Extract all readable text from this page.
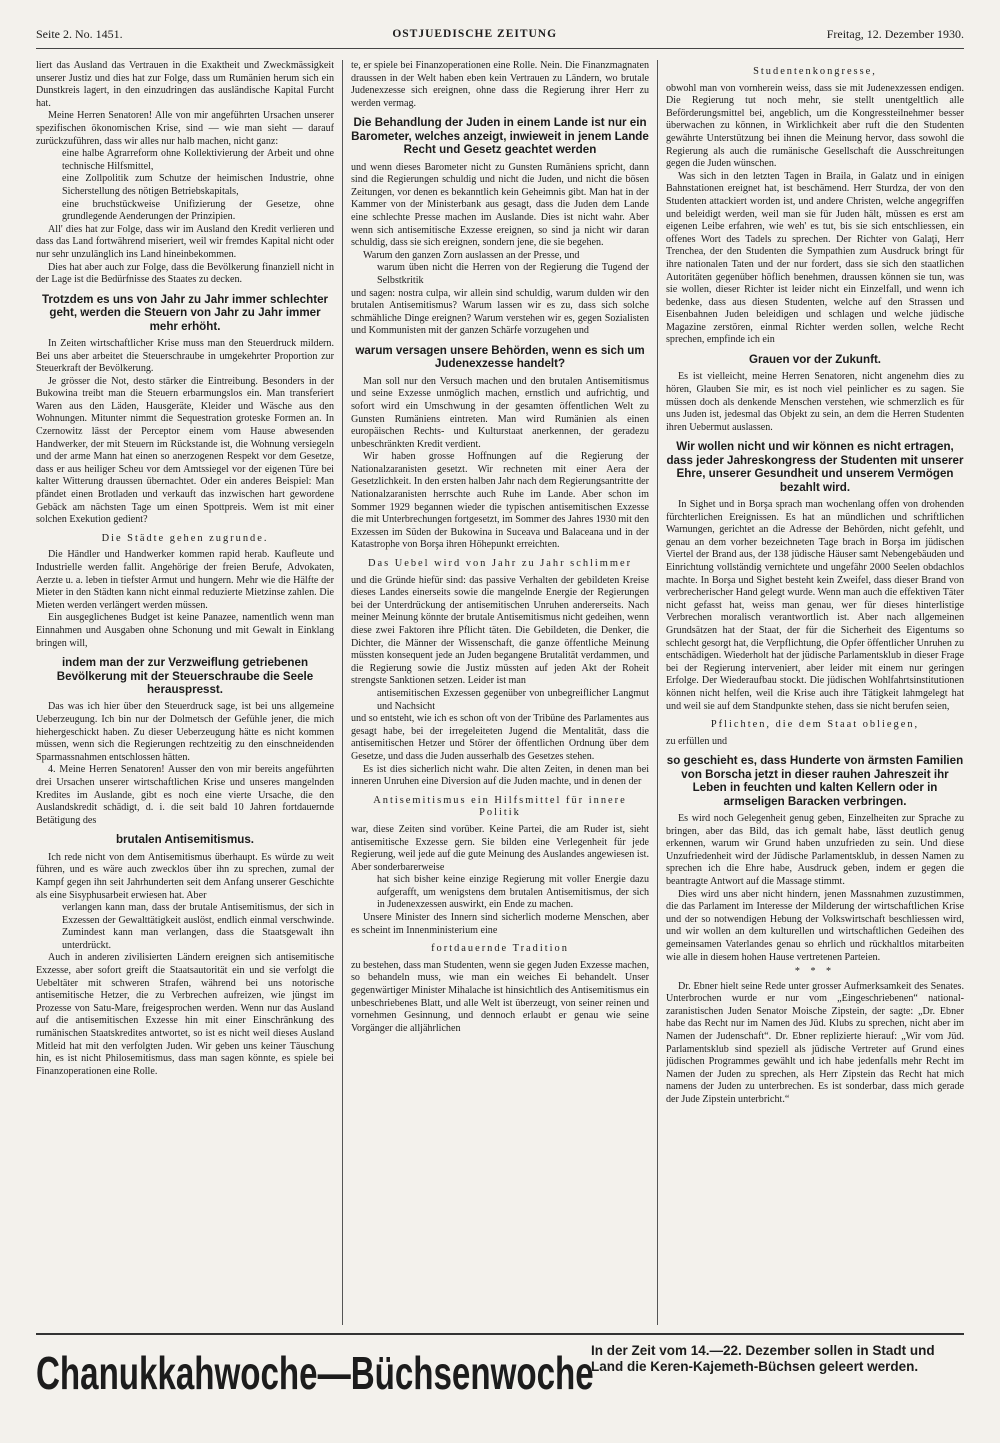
Seite 2. No. 1451.	OSTJUEDISCHE ZEITUNG	Freitag, 12. Dezember 1930.

liert das Ausland das Vertrauen in die Exaktheit und Zweckmässigkeit unserer Justiz und dies hat zur Folge, dass um Rumänien herum sich ein Dunstkreis lagert, in den einzudringen das ausländische Kapital Furcht hat.

Meine Herren Senatoren! Alle von mir angeführten Ursachen unserer spezifischen ökonomischen Krise, sind — wie man sieht — darauf zurückzuführen, dass wir alles nur halb machen, nicht ganz:

eine halbe Agrarreform ohne Kollektivierung der Arbeit und ohne technische Hilfsmittel,

eine Zollpolitik zum Schutze der heimischen Industrie, ohne Sicherstellung des nötigen Betriebskapitals,

eine bruchstückweise Unifizierung der Gesetze, ohne grundlegende Aenderungen der Prinzipien.

All' dies hat zur Folge, dass wir im Ausland den Kredit verlieren und dass das Land fortwährend miseriert, weil wir fremdes Kapital nicht oder nur sehr unzulänglich ins Land hineinbekommen.

Dies hat aber auch zur Folge, dass die Bevölkerung finanziell nicht in der Lage ist die Bedürfnisse des Staates zu decken.

Trotzdem es uns von Jahr zu Jahr immer schlechter geht, werden die Steuern von Jahr zu Jahr immer mehr erhöht.

In Zeiten wirtschaftlicher Krise muss man den Steuerdruck mildern. Bei uns aber arbeitet die Steuerschraube in umgekehrter Proportion zur Steuerkraft der Bevölkerung.

Je grösser die Not, desto stärker die Eintreibung. Besonders in der Bukowina treibt man die Steuern erbarmungslos ein. Man transferiert Waren aus den Läden, Hausgeräte, Kleider und Wäsche aus den Wohnungen. Mitunter nimmt die Sequestration groteske Formen an. In Czernowitz lässt der Perceptor einem vom Hause abwesenden Handwerker, der mit Steuern im Rückstande ist, die Wohnung versiegeln und der arme Mann hat einen so anerzogenen Respekt vor dem Gesetze, dass er aus heiliger Scheu vor dem Amtssiegel vor der eigenen Türe bei kalter Witterung draussen übernachtet. Oder ein anderes Beispiel: Man pfändet einen Brotladen und verkauft das inzwischen hart gewordene Gebäck am nächsten Tage um einen Spottpreis. Wem ist mit einer solchen Exekution gedient?

Die Städte gehen zugrunde.

Die Händler und Handwerker kommen rapid herab. Kaufleute und Industrielle werden fallit. Angehörige der freien Berufe, Advokaten, Aerzte u. a. leben in tiefster Armut und hungern. Mehr wie die Hälfte der Mieter in den Städten kann nicht einmal reduzierte Mietzinse zahlen. Die Mieten werden verlängert werden müssen.

Ein ausgeglichenes Budget ist keine Panazee, namentlich wenn man Einnahmen und Ausgaben ohne Schonung und mit Gewalt in Einklang bringen will,

indem man der zur Verzweiflung getriebenen Bevölkerung mit der Steuerschraube die Seele herauspresst.

Das was ich hier über den Steuerdruck sage, ist bei uns allgemeine Ueberzeugung. Ich bin nur der Dolmetsch der Gefühle jener, die mich hiehergeschickt haben. Zu dieser Ueberzeugung hätte es nicht kommen müssen, wenn sich die Regierungen rechtzeitig zu den einschneidenden Sparmassnahmen entschlossen hätten.

4. Meine Herren Senatoren! Ausser den von mir bereits angeführten drei Ursachen unserer wirtschaftlichen Krise und unseres mangelnden Kredites im Auslande, gibt es noch eine vierte Ursache, die den Auslandskredit schädigt, d. i. die seit bald 10 Jahren fortdauernde Betätigung des

brutalen Antisemitismus.

Ich rede nicht von dem Antisemitismus überhaupt. Es würde zu weit führen, und es wäre auch zwecklos über ihn zu sprechen, zumal der Kampf gegen ihn seit Jahrhunderten seit dem Anfang unserer Geschichte als eine Sisyphusarbeit erwiesen hat. Aber

verlangen kann man, dass der brutale Antisemitismus, der sich in Exzessen der Gewalttätigkeit auslöst, endlich einmal verschwinde. Zumindest kann man verlangen, dass die Staatsgewalt ihn unterdrückt.

Auch in anderen zivilisierten Ländern ereignen sich antisemitische Exzesse, aber sofort greift die Staatsautorität ein und sie verfolgt die Uebeltäter mit schweren Strafen, während bei uns notorische antisemitische Hetzer, die zu Verbrechen aufreizen, wie jüngst im Prozesse von Satu-Mare, freigesprochen werden. Wenn nur das Ausland auf die antisemitischen Exzesse hin mit einer Einschränkung des rumänischen Staatskredites antwortet, so ist es nicht weil dieses Ausland Mitleid hat mit den verfolgten Juden. Wir geben uns keiner Täuschung hin, es ist nicht Philosemitismus, dass man sagen könnte, es spiele bei Finanzoperationen eine Rolle.

te, er spiele bei Finanzoperationen eine Rolle. Nein. Die Finanzmagnaten draussen in der Welt haben eben kein Vertrauen zu Ländern, wo brutale Judenexzesse sich ereignen, ohne dass die Regierung ihrer Herr zu werden vermag.

Die Behandlung der Juden in einem Lande ist nur ein Barometer, welches anzeigt, inwieweit in jenem Lande Recht und Gesetz geachtet werden

und wenn dieses Barometer nicht zu Gunsten Rumäniens spricht, dann sind die Regierungen schuldig und nicht die Juden, und nicht die bösen Zeitungen, vor denen es bekanntlich kein Geheimnis gibt. Man hat in der Kammer von der Ministerbank aus gesagt, dass die Juden dem Lande eine schlechte Presse machen im Auslande. Dies ist nicht wahr. Aber wenn sich antisemitische Exzesse ereignen, so sind ja nicht wir daran schuldig, dass sie sich ereignen, sondern jene, die sie begehen.

Warum den ganzen Zorn auslassen an der Presse, und

warum üben nicht die Herren von der Regierung die Tugend der Selbstkritik

und sagen: nostra culpa, wir allein sind schuldig, warum dulden wir den brutalen Antisemitismus? Warum lassen wir es zu, dass sich solche schmähliche Dinge ereignen? Warum verstehen wir es, gegen Sozialisten und Kommunisten mit der ganzen Schärfe vorzugehen und

warum versagen unsere Behörden, wenn es sich um Judenexzesse handelt?

Man soll nur den Versuch machen und den brutalen Antisemitismus und seine Exzesse unmöglich machen, ernstlich und aufrichtig, und sofort wird ein Umschwung in der gesamten öffentlichen Welt zu Gunsten Rumäniens eintreten. Man wird Rumänien als einen europäischen Rechts- und Kulturstaat anerkennen, der geradezu unbeschränkten Kredit verdient.

Wir haben grosse Hoffnungen auf die Regierung der Nationalzaranisten gesetzt. Wir rechneten mit einer Aera der Gesetzlichkeit. In den ersten halben Jahr nach dem Regierungsantritte der Nationalzaranisten herrschte auch Ruhe im Lande. Aber schon im Sommer 1929 begannen wieder die typischen antisemitischen Exzesse die mit Unterbrechungen fortgesetzt, im Sommer des Jahres 1930 mit den Exzessen im Süden der Bukowina in Suceava und Balaceana und in der Katastrophe von Borşa ihren Höhepunkt erreichten.

Das Uebel wird von Jahr zu Jahr schlimmer

und die Gründe hiefür sind: das passive Verhalten der gebildeten Kreise dieses Landes einerseits sowie die mangelnde Energie der Regierungen bei der Unterdrückung der antisemitischen Unruhen andererseits. Nach meiner Meinung könnte der brutale Antisemitismus nicht gedeihen, wenn diese zwei Faktoren ihre Pflicht täten. Die Gebildeten, die Denker, die Dichter, die Männer der Wissenschaft, die ganze öffentliche Meinung müssten konsequent jede an Juden begangene Brutalität verdammen, und die Regierung sowie die Justiz müssten auf jeden Akt der Roheit strengste Sanktionen setzen. Leider ist man

antisemitischen Exzessen gegenüber von unbegreiflicher Langmut und Nachsicht

und so entsteht, wie ich es schon oft von der Tribüne des Parlamentes aus gesagt habe, bei der irregeleiteten Jugend die Mentalität, dass die antisemitischen Hetzer und Störer der öffentlichen Ordnung über dem Gesetze, und dass die Juden ausserhalb des Gesetzes stehen.

Es ist dies sicherlich nicht wahr. Die alten Zeiten, in denen man bei inneren Unruhen eine Diversion auf die Juden machte, und in denen der

Antisemitismus ein Hilfsmittel für innere Politik

war, diese Zeiten sind vorüber. Keine Partei, die am Ruder ist, sieht antisemitische Exzesse gern. Sie bilden eine Verlegenheit für jede Regierung, weil jede auf die gute Meinung des Auslandes angewiesen ist. Aber sonderbarerweise

hat sich bisher keine einzige Regierung mit voller Energie dazu aufgerafft, um wenigstens dem brutalen Antisemitismus, der sich in Judenexzessen auswirkt, ein Ende zu machen.

Unsere Minister des Innern sind sicherlich moderne Menschen, aber es scheint im Innenministerium eine

fortdauernde Tradition

zu bestehen, dass man Studenten, wenn sie gegen Juden Exzesse machen, so behandeln muss, wie man ein weiches Ei behandelt. Unser gegenwärtiger Minister Mihalache ist hinsichtlich des Antisemitismus ein unbeschriebenes Blatt, und alle Welt ist überzeugt, von seiner reinen und vornehmen Gesinnung, und dennoch erlaubt er genau wie seine Vorgänger die alljährlichen

Studentenkongresse,

obwohl man von vornherein weiss, dass sie mit Judenexzessen endigen. Die Regierung tut noch mehr, sie stellt unentgeltlich alle Beförderungsmittel bei, angeblich, um die Kongressteilnehmer besser überwachen zu können, in Wirklichkeit aber ruft die den Studenten gewährte Unterstützung bei ihnen die Meinung hervor, dass sowohl die Regierung als auch die rumänische Gesellschaft die Ausschreitungen gegen die Juden wünschen.

Was sich in den letzten Tagen in Braila, in Galatz und in einigen Bahnstationen ereignet hat, ist beschämend. Herr Sturdza, der von den Studenten attackiert worden ist, und andere Christen, welche angegriffen und beleidigt werden, weil man sie für Juden hält, müssen es erst am eigenen Leibe erfahren, wie weh' es tut, bis sie sich entschliessen, ein offenes Wort des Tadels zu sprechen. Der Richter von Galaţi, Herr Trenchea, der den Studenten die Sympathien zum Ausdruck bringt für ihre nationalen Taten und der nur fordert, dass sie sich den staatlichen Autoritäten gegenüber höflich benehmen, draussen können sie tun, was sie wollen, dieser Richter ist leider nicht ein Einzelfall, und wenn ich bedenke, dass aus diesen Studenten, welche auf den Strassen und Eisenbahnen Juden beleidigen und schlagen und welche jüdische Magazine zerstören, einmal Richter werden sollen, welche Recht sprechen, empfinde ich ein

Grauen vor der Zukunft.

Es ist vielleicht, meine Herren Senatoren, nicht angenehm dies zu hören, Glauben Sie mir, es ist noch viel peinlicher es zu sagen. Sie müssen doch als denkende Menschen verstehen, wie schmerzlich es für uns Juden ist, jedesmal das Objekt zu sein, an dem die Herren Studenten ihren Uebermut auslassen.

Wir wollen nicht und wir können es nicht ertragen, dass jeder Jahreskongress der Studenten mit unserer Ehre, unserer Gesundheit und unserem Vermögen bezahlt wird.

In Sighet und in Borşa sprach man wochenlang offen von drohenden fürchterlichen Ereignissen. Es hat an mündlichen und schriftlichen Warnungen, gerichtet an die Adresse der Behörden, nicht gefehlt, und genau an dem vorher bezeichneten Tage brach in Borşa im jüdischen Viertel der Brand aus, der 138 jüdische Häuser samt Nebengebäuden und Einrichtung vollständig vernichtete und ungefähr 2000 Seelen obdachlos machte. In Borşa und Sighet besteht kein Zweifel, dass dieser Brand von verbrecherischer Hand gelegt wurde. Wenn man auch die effektiven Täter nicht gefasst hat, weiss man genau, wer für dieses hinterlistige Verbrechen moralisch verantwortlich ist. Aber nach allgemeinen Grundsätzen hat der Staat, der für die Sicherheit des Eigentums so schlecht gesorgt hat, die Verpflichtung, die Opfer öffentlicher Unruhen zu entschädigen. Wiederholt hat der jüdische Parlamentsklub in dieser Frage bei der Regierung interveniert, aber leider mit einem nur geringen Erfolge. Der Wiederaufbau stockt. Die jüdischen Wohlfahrtsinstitutionen können nicht helfen, weil die Krise auch ihre Tätigkeit lahmgelegt hat und weil sie auf dem Standpunkte stehen, dass sie nicht berufen seien,

Pflichten, die dem Staat obliegen,

zu erfüllen und

so geschieht es, dass Hunderte von ärmsten Familien von Borscha jetzt in dieser rauhen Jahreszeit ihr Leben in feuchten und kalten Kellern oder in armseligen Baracken verbringen.

Es wird noch Gelegenheit genug geben, Einzelheiten zur Sprache zu bringen, aber das Bild, das ich gemalt habe, lässt deutlich genug erkennen, warum wir Grund haben unzufrieden zu sein. Und diese Unzufriedenheit wird der Jüdische Parlamentsklub, in dessen Namen zu sprechen ich die Ehre habe, Ausdruck geben, indem er gegen die beantragte Antwort auf die Massage stimmt.

Dies wird uns aber nicht hindern, jenen Massnahmen zuzustimmen, die das Parlament im Interesse der Milderung der wirtschaftlichen Krise und der so notwendigen Hebung der Volkswirtschaft beschliessen wird, und wir wollen an dem kulturellen und wirtschaftlichen Gedeihen des gemeinsamen Vaterlandes genau so ehrlich und rückhaltlos mitarbeiten wie alle in diesem hohen Hause vertretenen Parteien.

* * *

Dr. Ebner hielt seine Rede unter grosser Aufmerksamkeit des Senates. Unterbrochen wurde er nur vom „Eingeschriebenen“ national-zaranistischen Juden Senator Moische Zipstein, der sagte: „Dr. Ebner habe das Recht nur im Namen des Jüd. Klubs zu sprechen, nicht aber im Namen der Judenschaft“. Dr. Ebner replizierte hierauf: „Wir vom Jüd. Parlamentsklub sind speziell als jüdische Vertreter auf Grund eines jüdischen Programmes gewählt und ich habe jedenfalls mehr Recht im Namen der Juden zu sprechen, als Herr Zipstein das Recht hat mich namens der Juden zu unterbrechen. Es ist sonderbar, dass mich gerade der Jude Zipstein unterbricht.“

Chanukkahwoche—Büchsenwoche
In der Zeit vom 14.—22. Dezember sollen in Stadt und Land die Keren-Kajemeth-Büchsen geleert werden.
